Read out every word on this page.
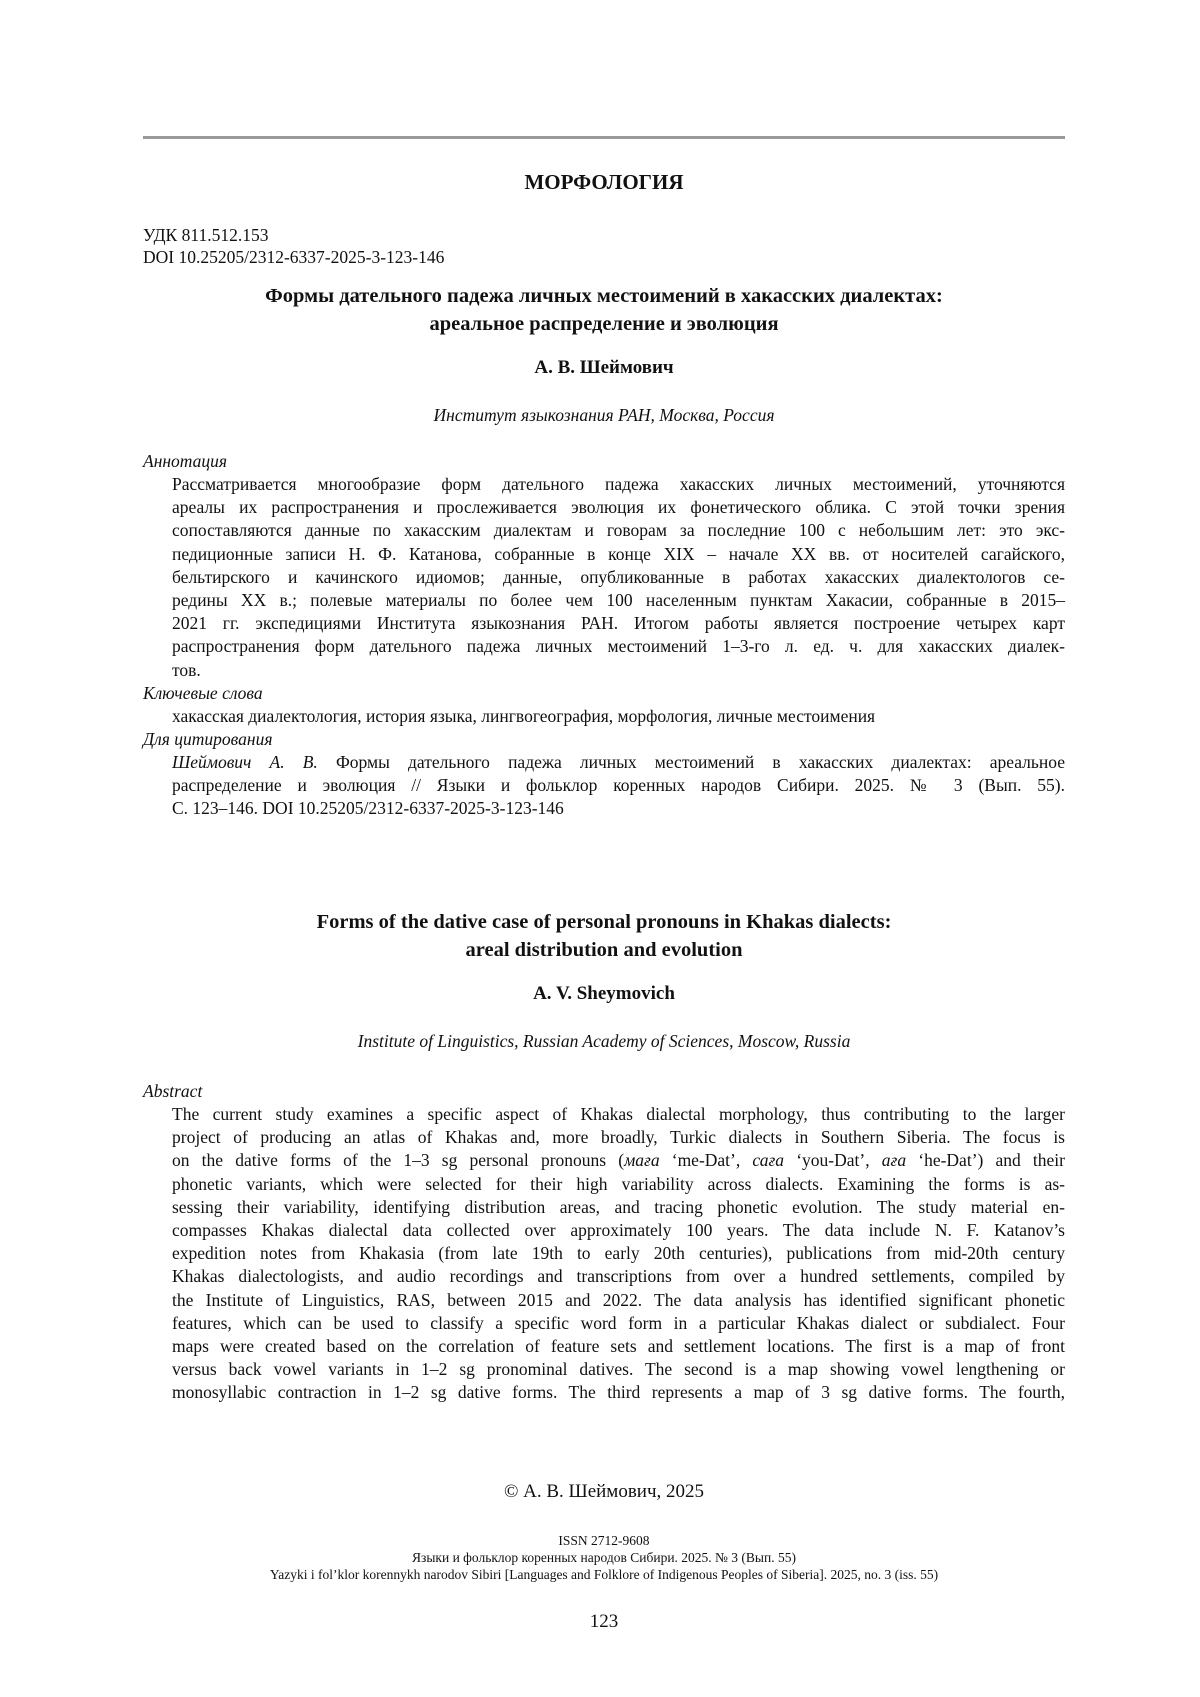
МОРФОЛОГИЯ
УДК 811.512.153
DOI 10.25205/2312-6337-2025-3-123-146
Формы дательного падежа личных местоимений в хакасских диалектах:
ареальное распределение и эволюция
А. В. Шеймович
Институт языкознания РАН, Москва, Россия
Аннотация
Рассматривается многообразие форм дательного падежа хакасских личных местоимений, уточняются
ареалы их распространения и прослеживается эволюция их фонетического облика. С этой точки зрения
сопоставляются данные по хакасским диалектам и говорам за последние 100 с небольшим лет: это экс-
педиционные записи Н. Ф. Катанова, собранные в конце XIX – начале XX вв. от носителей сагайского,
бельтирского и качинского идиомов; данные, опубликованные в работах хакасских диалектологов се-
редины XX в.; полевые материалы по более чем 100 населенным пунктам Хакасии, собранные в 2015–
2021 гг. экспедициями Института языкознания РАН. Итогом работы является построение четырех карт
распространения форм дательного падежа личных местоимений 1–3-го л. ед. ч. для хакасских диалек-
тов.
Ключевые слова
хакасская диалектология, история языка, лингвогеография, морфология, личные местоимения
Для цитирования
Шеймович А. В. Формы дательного падежа личных местоимений в хакасских диалектах: ареальное
распределение и эволюция // Языки и фольклор коренных народов Сибири. 2025. № 3 (Вып. 55).
С. 123–146. DOI 10.25205/2312-6337-2025-3-123-146
Forms of the dative case of personal pronouns in Khakas dialects:
areal distribution and evolution
A. V. Sheymovich
Institute of Linguistics, Russian Academy of Sciences, Moscow, Russia
Abstract
The current study examines a specific aspect of Khakas dialectal morphology, thus contributing to the larger
project of producing an atlas of Khakas and, more broadly, Turkic dialects in Southern Siberia. The focus is
on the dative forms of the 1–3 sg personal pronouns (маға ‘me-Dat’, саға ‘you-Dat’, аға ‘he-Dat’) and their
phonetic variants, which were selected for their high variability across dialects. Examining the forms is as-
sessing their variability, identifying distribution areas, and tracing phonetic evolution. The study material en-
compasses Khakas dialectal data collected over approximately 100 years. The data include N. F. Katanov’s
expedition notes from Khakasia (from late 19th to early 20th centuries), publications from mid-20th century
Khakas dialectologists, and audio recordings and transcriptions from over a hundred settlements, compiled by
the Institute of Linguistics, RAS, between 2015 and 2022. The data analysis has identified significant phonetic
features, which can be used to classify a specific word form in a particular Khakas dialect or subdialect. Four
maps were created based on the correlation of feature sets and settlement locations. The first is a map of front
versus back vowel variants in 1–2 sg pronominal datives. The second is a map showing vowel lengthening or
monosyllabic contraction in 1–2 sg dative forms. The third represents a map of 3 sg dative forms. The fourth,
© А. В. Шеймович, 2025
ISSN 2712-9608
Языки и фольклор коренных народов Сибири. 2025. № 3 (Вып. 55)
Yazyki i fol’klor korennykh narodov Sibiri [Languages and Folklore of Indigenous Peoples of Siberia]. 2025, no. 3 (iss. 55)
123
